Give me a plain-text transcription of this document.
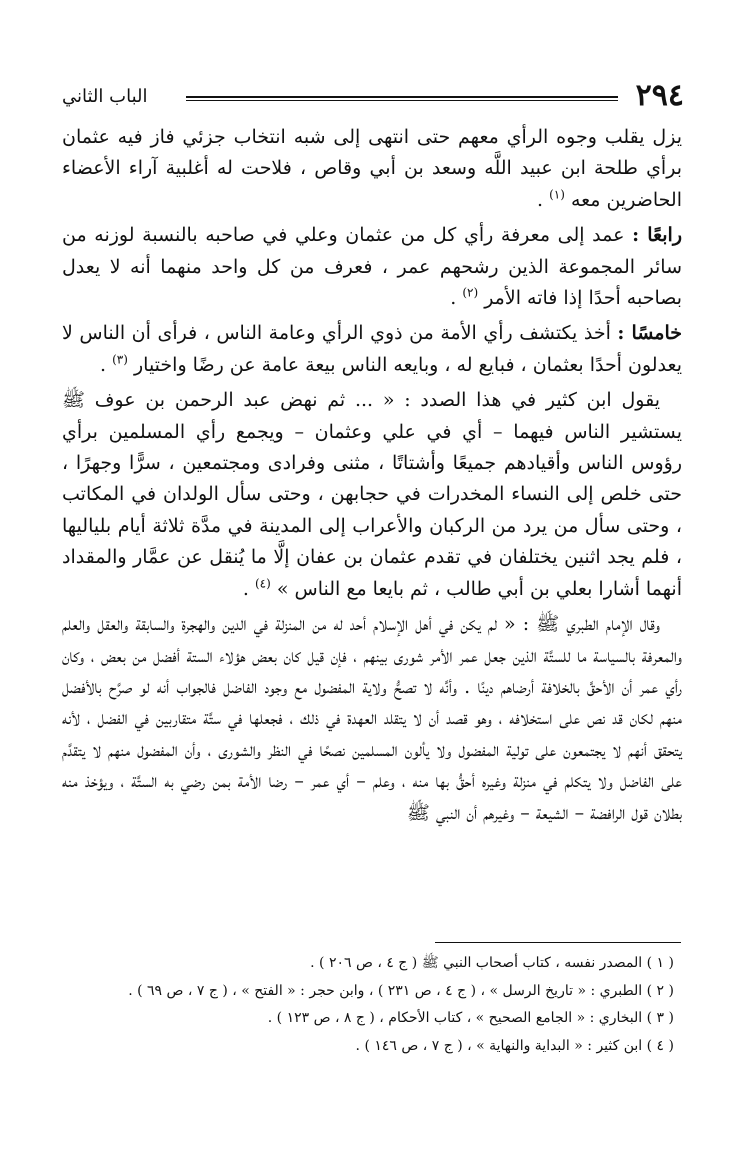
٢٩٤
الباب الثاني

يزل يقلب وجوه الرأي معهم حتى انتهى إلى شبه انتخاب جزئي فاز فيه عثمان برأي طلحة ابن عبيد اللَّه وسعد بن أبي وقاص ، فلاحت له أغلبية آراء الأعضاء الحاضرين معه $^{(١)}$ .

رابعًا : عمد إلى معرفة رأي كل من عثمان وعلي في صاحبه بالنسبة لوزنه من سائر المجموعة الذين رشحهم عمر ، فعرف من كل واحد منهما أنه لا يعدل بصاحبه أحدًا إذا فاته الأمر $^{(٢)}$ .

خامسًا : أخذ يكتشف رأي الأمة من ذوي الرأي وعامة الناس ، فرأى أن الناس لا يعدلون أحدًا بعثمان ، فبايع له ، وبايعه الناس بيعة عامة عن رضًا واختيار $^{(٣)}$ .

يقول ابن كثير في هذا الصدد : « ... ثم نهض عبد الرحمن بن عوف ﷺ يستشير الناس فيهما – أي في علي وعثمان – ويجمع رأي المسلمين برأي رؤوس الناس وأقيادهم جميعًا وأشتاتًا ، مثنى وفرادى ومجتمعين ، سرًّا وجهرًا ، حتى خلص إلى النساء المخدرات في حجابهن ، وحتى سأل الولدان في المكاتب ، وحتى سأل من يرد من الركبان والأعراب إلى المدينة في مدَّة ثلاثة أيام بلياليها ، فلم يجد اثنين يختلفان في تقدم عثمان بن عفان إلَّا ما يُنقل عن عمَّار والمقداد أنهما أشارا بعلي بن أبي طالب ، ثم بايعا مع الناس » $^{(٤)}$ .

وقال الإمام الطبري ﷺ : « لم يكن في أهل الإسلام أحد له من المنزلة في الدين والهجرة والسابقة والعقل والعلم والمعرفة بالسياسة ما للستَّة الذين جعل عمر الأمر شورى بينهم ، فإن قيل كان بعض هؤلاء الستة أفضل من بعض ، وكان رأي عمر أن الأحقَّ بالخلافة أرضاهم دينًا . وأنَّه لا تصحُّ ولاية المفضول مع وجود الفاضل فالجواب أنه لو صرَّح بالأفضل منهم لكان قد نص على استخلافه ، وهو قصد أن لا يتقلد العهدة في ذلك ، فجعلها في ستَّة متقاربين في الفضل ، لأنه يتحقق أنهم لا يجتمعون على تولية المفضول ولا يألون المسلمين نصحًا في النظر والشورى ، وأن المفضول منهم لا يتقدَّم على الفاضل ولا يتكلم في منزلة وغيره أحقُّ بها منه ، وعلم – أي عمر – رضا الأمة بمن رضي به الستَّة ، ويؤخذ منه بطلان قول الرافضة – الشيعة – وغيرهم أن النبي ﷺ

( ١ ) المصدر نفسه ، كتاب أصحاب النبي ﷺ ( ج ٤ ، ص ٢٠٦ ) .
( ٢ ) الطبري : « تاريخ الرسل » ، ( ج ٤ ، ص ٢٣١ ) ، وابن حجر : « الفتح » ، ( ج ٧ ، ص ٦٩ ) .
( ٣ ) البخاري : « الجامع الصحيح » ، كتاب الأحكام ، ( ج ٨ ، ص ١٢٣ ) .
( ٤ ) ابن كثير : « البداية والنهاية » ، ( ج ٧ ، ص ١٤٦ ) .
